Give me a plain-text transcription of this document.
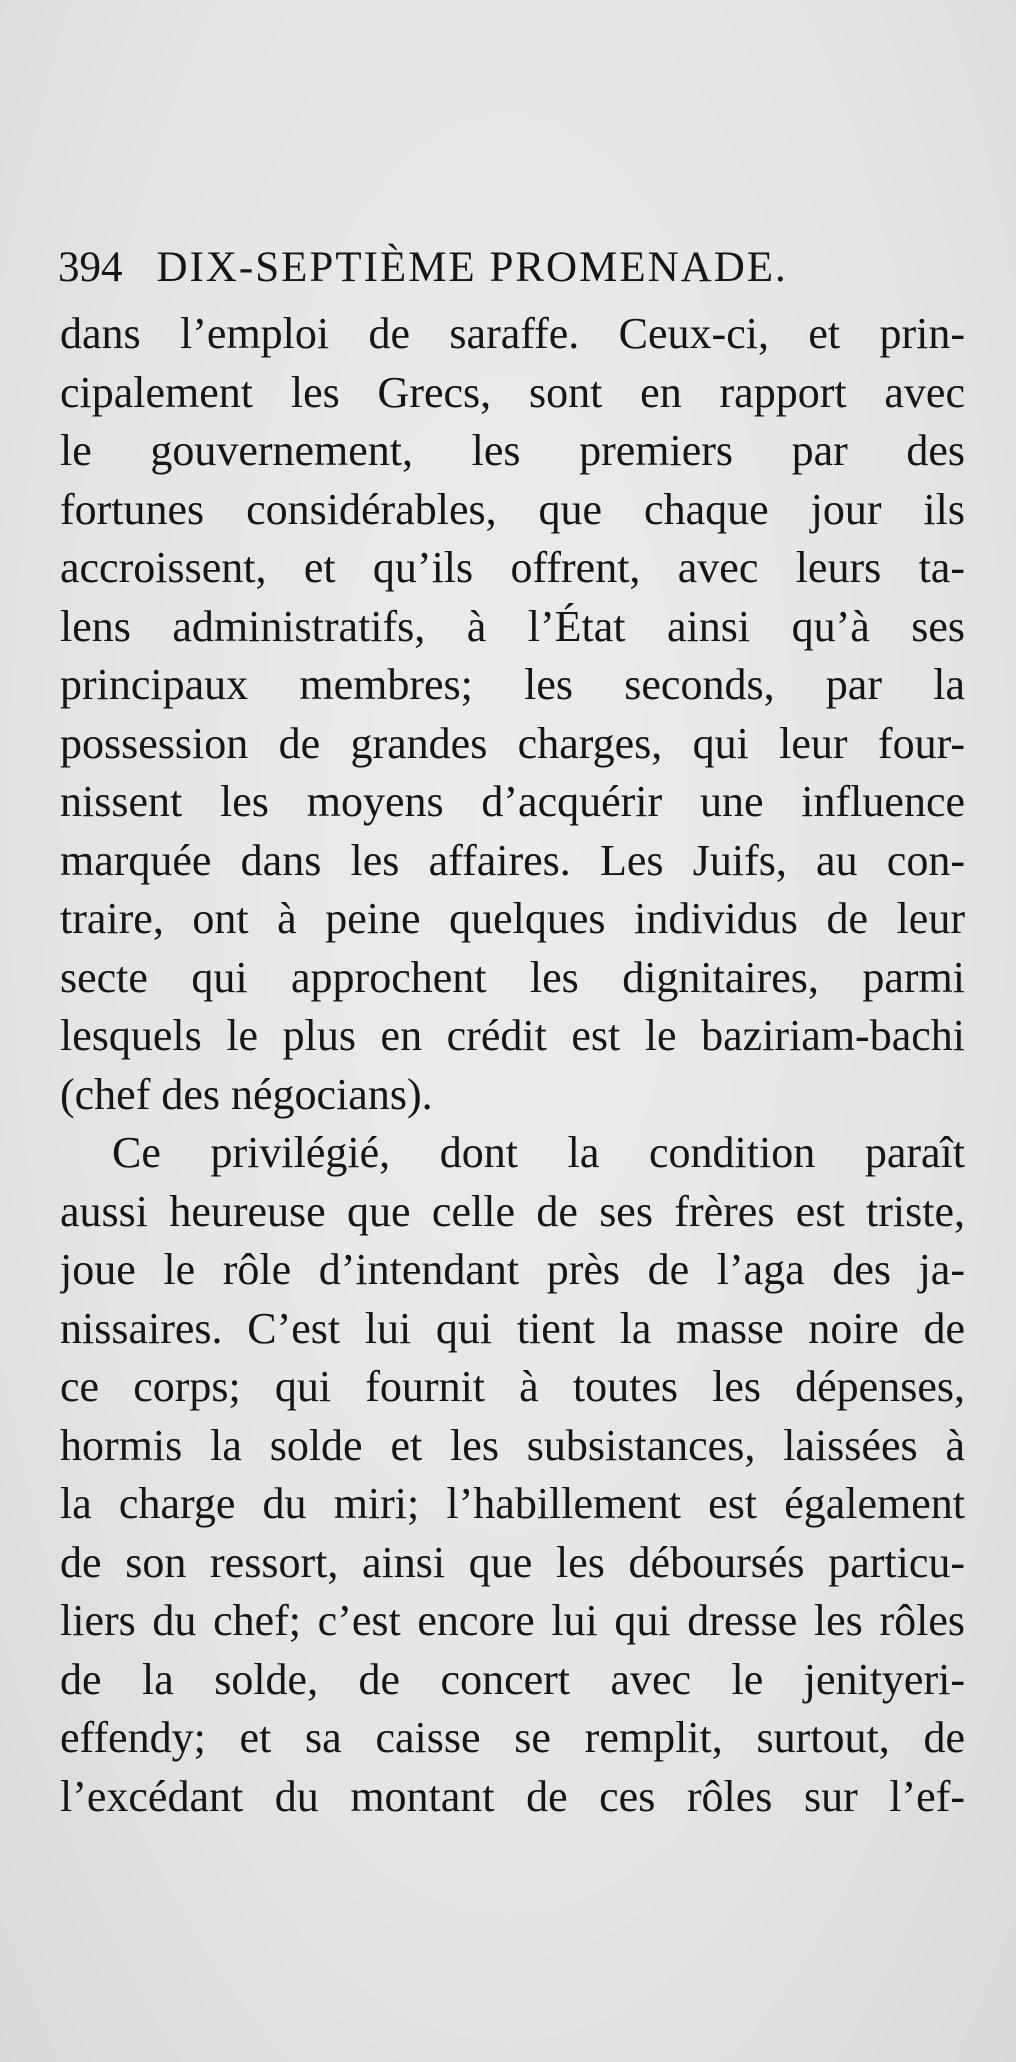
394 DIX-SEPTIÈME PROMENADE.
dans l’emploi de saraffe. Ceux-ci, et prin-
cipalement les Grecs, sont en rapport avec
le gouvernement, les premiers par des
fortunes considérables, que chaque jour ils
accroissent, et qu’ils offrent, avec leurs ta-
lens administratifs, à l’État ainsi qu’à ses
principaux membres; les seconds, par la
possession de grandes charges, qui leur four-
nissent les moyens d’acquérir une influence
marquée dans les affaires. Les Juifs, au con-
traire, ont à peine quelques individus de leur
secte qui approchent les dignitaires, parmi
lesquels le plus en crédit est le baziriam-bachi
(chef des négocians).
Ce privilégié, dont la condition paraît
aussi heureuse que celle de ses frères est triste,
joue le rôle d’intendant près de l’aga des ja-
nissaires. C’est lui qui tient la masse noire de
ce corps; qui fournit à toutes les dépenses,
hormis la solde et les subsistances, laissées à
la charge du miri; l’habillement est également
de son ressort, ainsi que les déboursés particu-
liers du chef; c’est encore lui qui dresse les rôles
de la solde, de concert avec le jenityeri-
effendy; et sa caisse se remplit, surtout, de
l’excédant du montant de ces rôles sur l’ef-
